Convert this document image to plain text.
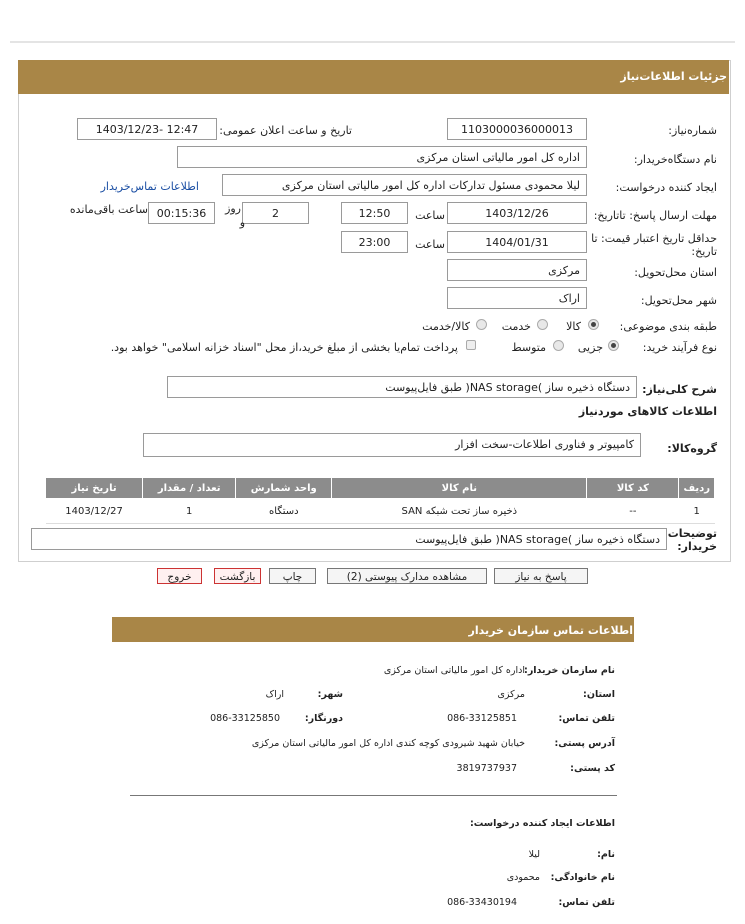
جزئیات اطلاعات‌نیاز
شماره‌نیاز:
1103000036000013
تاریخ و ساعت اعلان عمومی:
1403/12/23- 12:47
نام دستگاه‌خریدار:
اداره کل امور مالیاتی استان مرکزی
ایجاد کننده درخواست:
لیلا محمودی مسئول تدارکات اداره کل امور مالیاتی استان مرکزی
اطلاعات تماس‌خریدار
مهلت ارسال پاسخ: تاتاریخ:
1403/12/26
ساعت
12:50
2
روز
و
00:15:36
ساعت باقی‌مانده
حداقل تاریخ اعتبار قیمت: تا تاریخ:
1404/01/31
ساعت
23:00
استان محل‌تحویل:
مرکزی
شهر محل‌تحویل:
اراک
طبقه بندی موضوعی:
کالا
خدمت
کالا/خدمت
نوع فرآیند خرید:
جزیی
متوسط
پرداخت تمام‌یا بخشی از مبلغ خرید،از محل "اسناد خزانه اسلامی" خواهد بود.
شرح کلی‌نیاز:
دستگاه ذخیره ساز )NAS storage( طبق فایل‌پیوست
اطلاعات کالاهای موردنیاز
گروه‌کالا:
کامپیوتر و فناوری اطلاعات-سخت افزار
ردیف	کد کالا	نام کالا	واحد شمارش	تعداد / مقدار	تاریخ نیاز
1	--	ذخیره ساز تحت شبکه SAN	دستگاه	1	1403/12/27
توضیحات خریدار:
دستگاه ذخیره ساز )NAS storage( طبق فایل‌پیوست
پاسخ به نیاز
مشاهده مدارک پیوستی (2)
چاپ
بازگشت
خروج
اطلاعات تماس سازمان خریدار
نام سازمان خریدار:
اداره کل امور مالیاتی استان مرکزی
استان:
مرکزی
شهر:
اراک
تلفن تماس:
086-33125851
دورنگار:
086-33125850
آدرس پستی:
خیابان شهید شیرودی کوچه کندی اداره کل امور مالیاتی استان مرکزی
کد پستی:
3819737937
اطلاعات ایجاد کننده درخواست:
نام:
لیلا
نام خانوادگی:
محمودی
تلفن تماس:
086-33430194
